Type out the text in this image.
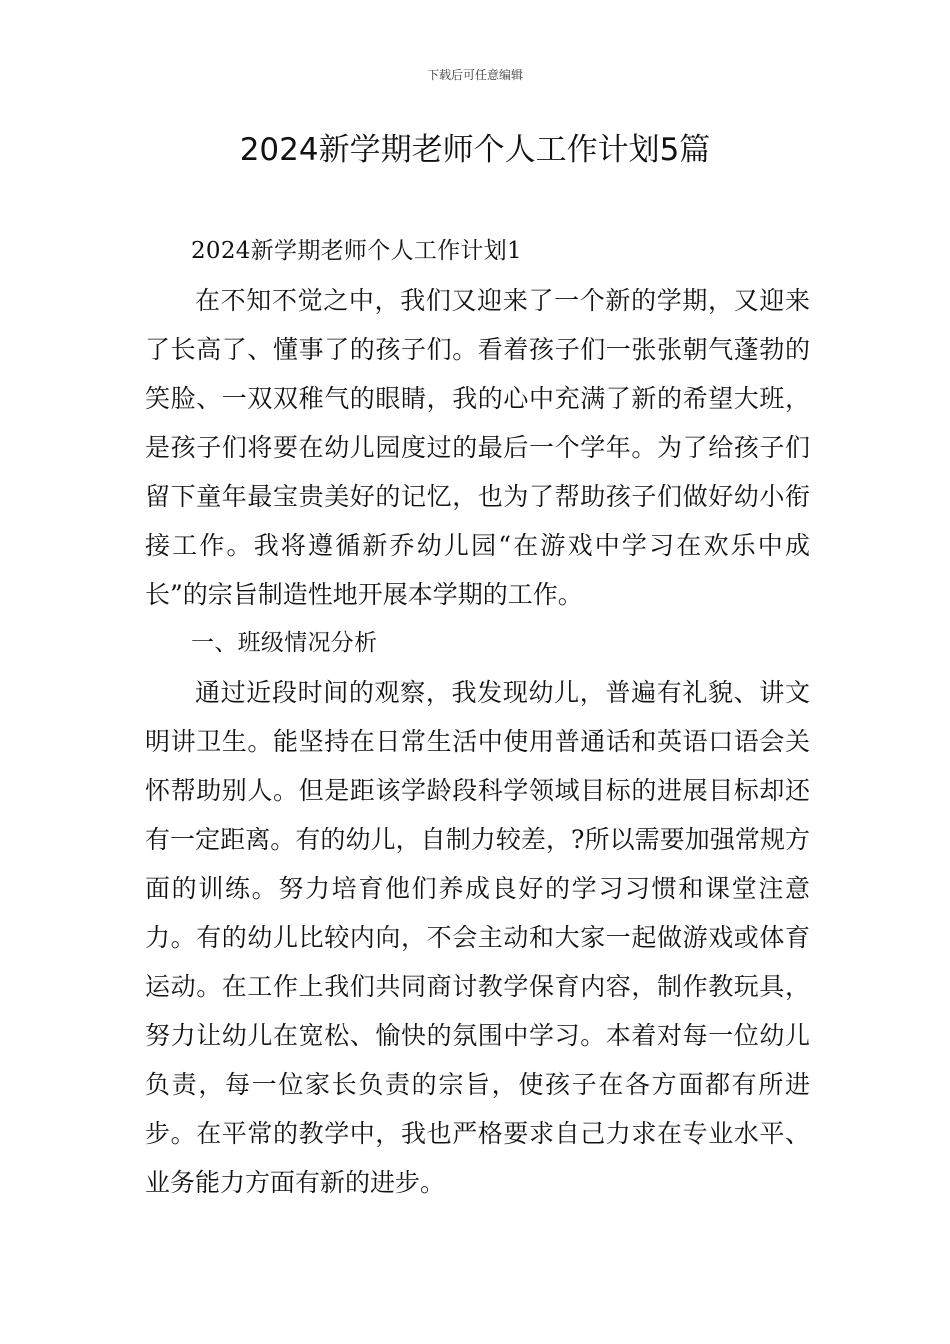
下载后可任意编辑
2024新学期老师个人工作计划5篇

2024新学期老师个人工作计划1

在不知不觉之中，我们又迎来了一个新的学期，又迎来了长高了、懂事了的孩子们。看着孩子们一张张朝气蓬勃的笑脸、一双双稚气的眼睛，我的心中充满了新的希望大班，是孩子们将要在幼儿园度过的最后一个学年。为了给孩子们留下童年最宝贵美好的记忆，也为了帮助孩子们做好幼小衔接工作。我将遵循新乔幼儿园“在游戏中学习在欢乐中成长”的宗旨制造性地开展本学期的工作。

一、班级情况分析

通过近段时间的观察，我发现幼儿，普遍有礼貌、讲文明讲卫生。能坚持在日常生活中使用普通话和英语口语会关怀帮助别人。但是距该学龄段科学领域目标的进展目标却还有一定距离。有的幼儿，自制力较差，?所以需要加强常规方面的训练。努力培育他们养成良好的学习习惯和课堂注意力。有的幼儿比较内向，不会主动和大家一起做游戏或体育运动。在工作上我们共同商讨教学保育内容，制作教玩具，努力让幼儿在宽松、愉快的氛围中学习。本着对每一位幼儿负责，每一位家长负责的宗旨，使孩子在各方面都有所进步。在平常的教学中，我也严格要求自己力求在专业水平、业务能力方面有新的进步。
